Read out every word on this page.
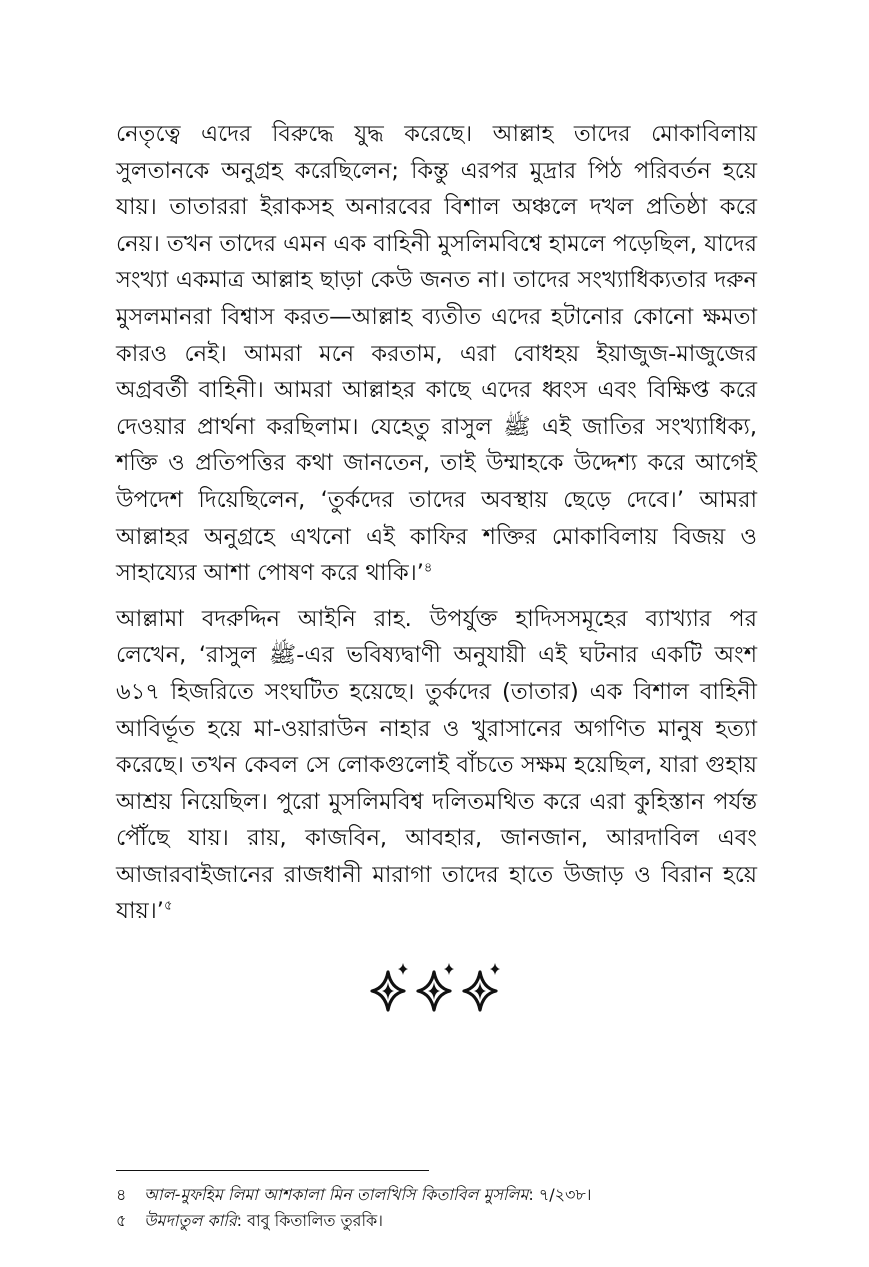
নেতৃত্বে এদের বিরুদ্ধে যুদ্ধ করেছে। আল্লাহ তাদের মোকাবিলায় সুলতানকে অনুগ্রহ করেছিলেন; কিন্তু এরপর মুদ্রার পিঠ পরিবর্তন হয়ে যায়। তাতাররা ইরাকসহ অনারবের বিশাল অঞ্চলে দখল প্রতিষ্ঠা করে নেয়। তখন তাদের এমন এক বাহিনী মুসলিমবিশ্বে হামলে পড়েছিল, যাদের সংখ্যা একমাত্র আল্লাহ ছাড়া কেউ জনত না। তাদের সংখ্যাধিক্যতার দরুন মুসলমানরা বিশ্বাস করত—আল্লাহ ব্যতীত এদের হটানোর কোনো ক্ষমতা কারও নেই। আমরা মনে করতাম, এরা বোধহয় ইয়াজুজ-মাজুজের অগ্রবর্তী বাহিনী। আমরা আল্লাহর কাছে এদের ধ্বংস এবং বিক্ষিপ্ত করে দেওয়ার প্রার্থনা করছিলাম। যেহেতু রাসুল ﷺ এই জাতির সংখ্যাধিক্য, শক্তি ও প্রতিপত্তির কথা জানতেন, তাই উম্মাহকে উদ্দেশ্য করে আগেই উপদেশ দিয়েছিলেন, ‘তুর্কদের তাদের অবস্থায় ছেড়ে দেবে।’ আমরা আল্লাহর অনুগ্রহে এখনো এই কাফির শক্তির মোকাবিলায় বিজয় ও সাহায্যের আশা পোষণ করে থাকি।’$^৪$

আল্লামা বদরুদ্দিন আইনি রাহ. উপর্যুক্ত হাদিসসমূহের ব্যাখ্যার পর লেখেন, ‘রাসুল ﷺ-এর ভবিষ্যদ্বাণী অনুযায়ী এই ঘটনার একটি অংশ ৬১৭ হিজরিতে সংঘটিত হয়েছে। তুর্কদের (তাতার) এক বিশাল বাহিনী আবির্ভূত হয়ে মা-ওয়ারাউন নাহার ও খুরাসানের অগণিত মানুষ হত্যা করেছে। তখন কেবল সে লোকগুলোই বাঁচতে সক্ষম হয়েছিল, যারা গুহায় আশ্রয় নিয়েছিল। পুরো মুসলিমবিশ্ব দলিতমথিত করে এরা কুহিস্তান পর্যন্ত পৌঁছে যায়। রায়, কাজবিন, আবহার, জানজান, আরদাবিল এবং আজারবাইজানের রাজধানী মারাগা তাদের হাতে উজাড় ও বিরান হয়ে যায়।’$^৫$

৪	আল-মুফহিম লিমা আশকালা মিন তালখিসি কিতাবিল মুসলিম : ৭/২৩৮।
৫	উমদাতুল কারি : বাবু কিতালিত তুরকি।
